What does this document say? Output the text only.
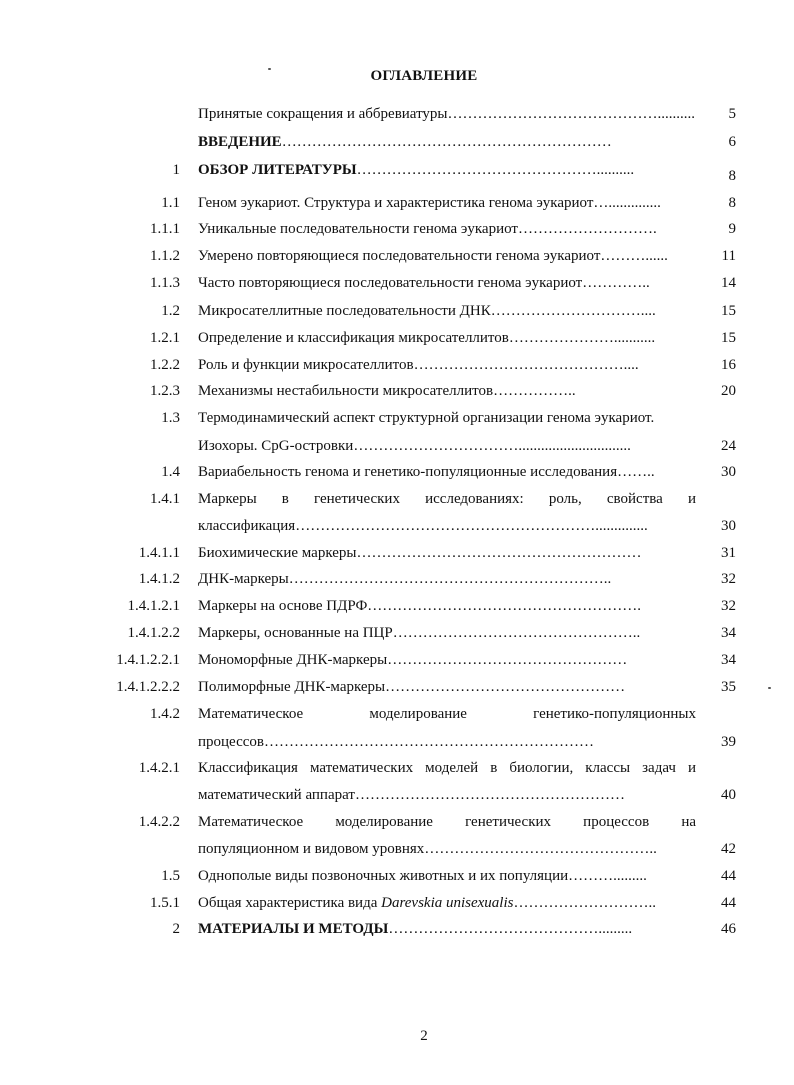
ОГЛАВЛЕНИЕ
Принятые сокращения и аббревиатуры……………………………………..........	5
ВВЕДЕНИЕ…………………………………………………………	6
1 ОБЗОР ЛИТЕРАТУРЫ…………………………………………..........	8
1.1 Геном эукариот. Структура и характеристика генома эукариот…..............	8
1.1.1 Уникальные последовательности генома эукариот……………………….	9
1.1.2 Умерено повторяющиеся последовательности генома эукариот………......	11
1.1.3 Часто повторяющиеся последовательности генома эукариот…………..	14
1.2 Микросателлитные последовательности ДНК…………………………....	15
1.2.1 Определение и классификация микросателлитов…………………...........	15
1.2.2 Роль и функции микросателлитов……………………………………....	16
1.2.3 Механизмы нестабильности микросателлитов……………..	20
1.3 Термодинамический аспект структурной организации генома эукариот.
Изохоры. CpG-островки……………………………..............................	24
1.4 Вариабельность генома и генетико-популяционные исследования……..	30
1.4.1 Маркеры в генетических исследованиях: роль, свойства и
классификация……………………………………………………..............	30
1.4.1.1 Биохимические маркеры…………………………………………………	31
1.4.1.2 ДНК-маркеры………………………………………………………..	32
1.4.1.2.1 Маркеры на основе ПДРФ……………………………………………….	32
1.4.1.2.2 Маркеры, основанные на ПЦР…………………………………………..	34
1.4.1.2.2.1 Мономорфные ДНК-маркеры…………………………………………	34
1.4.1.2.2.2 Полиморфные ДНК-маркеры…………………………………………	35
1.4.2 Математическое моделирование генетико-популяционных
процессов…………………………………………………………	39
1.4.2.1 Классификация математических моделей в биологии, классы задач и
математический аппарат………………………………………………	40
1.4.2.2 Математическое моделирование генетических процессов на
популяционном и видовом уровнях………………………………………..	42
1.5 Однополые виды позвоночных животных и их популяции……….........	44
1.5.1 Общая характеристика вида Darevskia unisexualis………………………..	44
2 МАТЕРИАЛЫ И МЕТОДЫ…………………………………….........	46
2
